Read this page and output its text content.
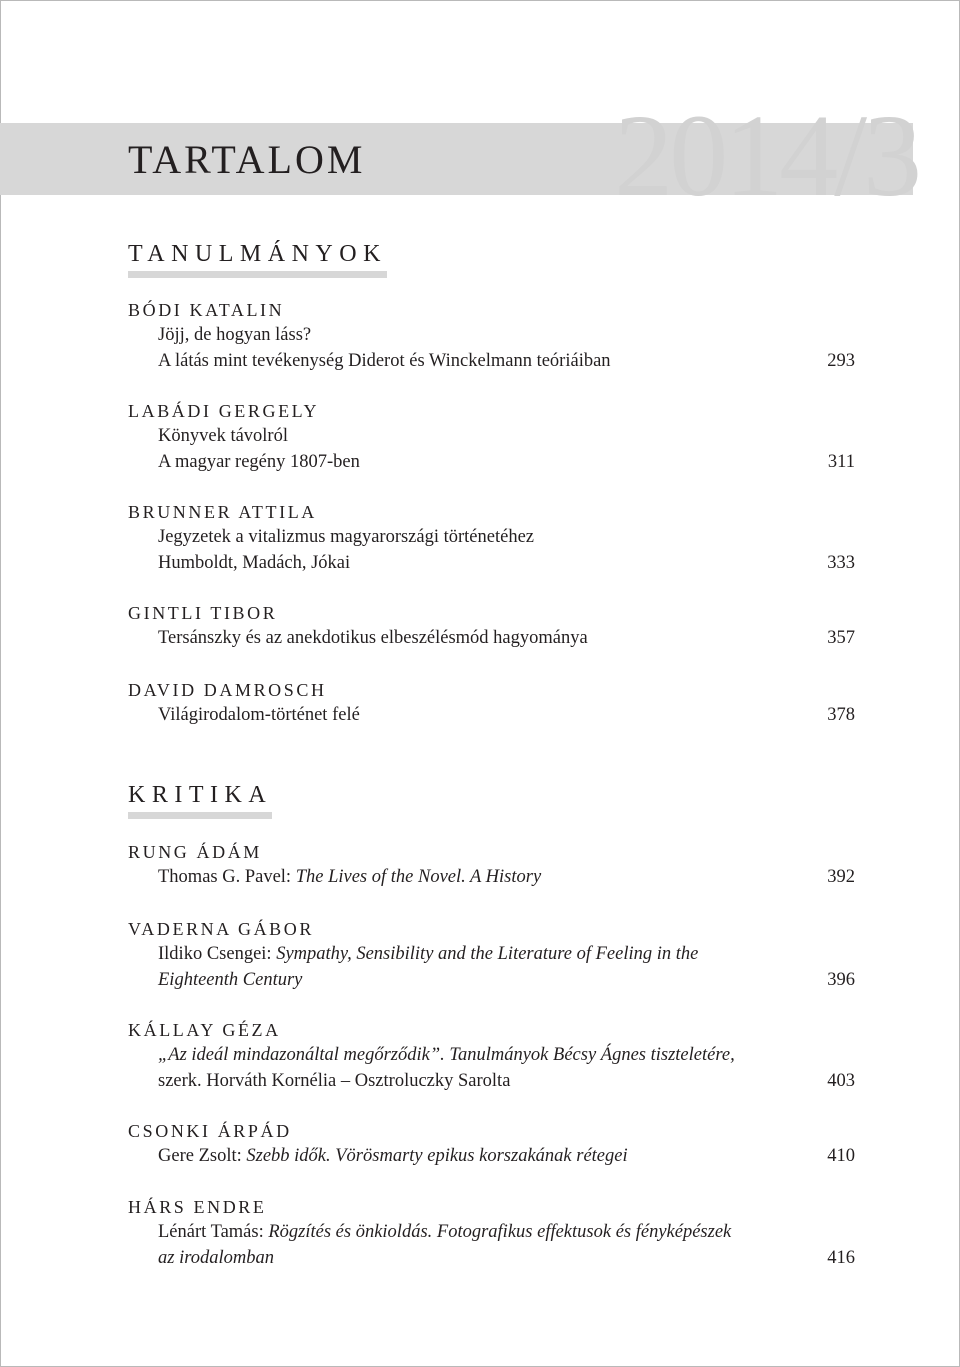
2014/3
TARTALOM
TANULMÁNYOK
BÓDI KATALIN
Jöjj, de hogyan láss?
A látás mint tevékenység Diderot és Winckelmann teóriáiban	293
LABÁDI GERGELY
Könyvek távolról
A magyar regény 1807-ben	311
BRUNNER ATTILA
Jegyzetek a vitalizmus magyarországi történetéhez
Humboldt, Madách, Jókai	333
GINTLI TIBOR
Tersánszky és az anekdotikus elbeszélésmód hagyománya	357
DAVID DAMROSCH
Világirodalom-történet felé	378
KRITIKA
RUNG ÁDÁM
Thomas G. Pavel: The Lives of the Novel. A History	392
VADERNA GÁBOR
Ildiko Csengei: Sympathy, Sensibility and the Literature of Feeling in the
Eighteenth Century	396
KÁLLAY GÉZA
„Az ideál mindazonáltal megőrződik”. Tanulmányok Bécsy Ágnes tiszteletére,
szerk. Horváth Kornélia – Osztroluczky Sarolta	403
CSONKI ÁRPÁD
Gere Zsolt: Szebb idők. Vörösmarty epikus korszakának rétegei	410
HÁRS ENDRE
Lénárt Tamás: Rögzítés és önkioldás. Fotografikus effektusok és fényképészek
az irodalomban	416
